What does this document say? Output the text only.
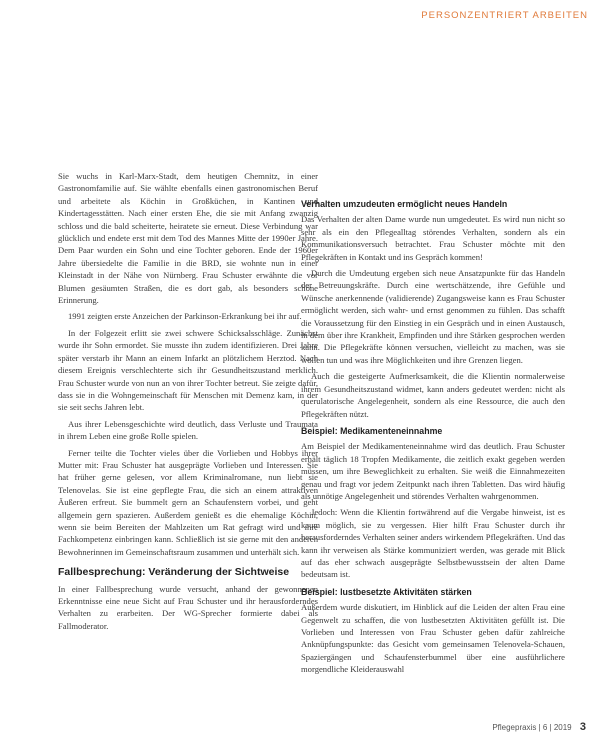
PERSONZENTRIERT ARBEITEN

Sie wuchs in Karl-Marx-Stadt, dem heutigen Chemnitz, in einer Gastronomfamilie auf. Sie wählte ebenfalls einen gastronomischen Beruf und arbeitete als Köchin in Großküchen, in Kantinen und Kindertagesstätten. Nach einer ersten Ehe, die sie mit Anfang zwanzig schloss und die bald scheiterte, heiratete sie erneut. Diese Verbindung war glücklich und endete erst mit dem Tod des Mannes Mitte der 1990er Jahre. Dem Paar wurden ein Sohn und eine Tochter geboren. Ende der 1960er Jahre übersiedelte die Familie in die BRD, sie wohnte nun in einer Kleinstadt in der Nähe von Nürnberg. Frau Schuster erwähnte die vor Blumen gesäumten Straßen, die es dort gab, als besonders schöne Erinnerung.

1991 zeigten erste Anzeichen der Parkinson-Erkrankung bei ihr auf.

In der Folgezeit erlitt sie zwei schwere Schicksalsschläge. Zunächst wurde ihr Sohn ermordet. Sie musste ihn zudem identifizieren. Drei Jahre später verstarb ihr Mann an einem Infarkt an plötzlichem Herztod. Nach diesem Ereignis verschlechterte sich ihr Gesundheitszustand merklich. Frau Schuster wurde von nun an von ihrer Tochter betreut. Sie zeigte dafür, dass sie in die Wohngemeinschaft für Menschen mit Demenz kam, in der sie seit sechs Jahren lebt.

Aus ihrer Lebensgeschichte wird deutlich, dass Verluste und Traumata in ihrem Leben eine große Rolle spielen.

Ferner teilte die Tochter vieles über die Vorlieben und Hobbys ihrer Mutter mit: Frau Schuster hat ausgeprägte Vorlieben und Interessen. Sie hat früher gerne gelesen, vor allem Kriminalromane, nun liebt sie Telenovelas. Sie ist eine gepflegte Frau, die sich an einem attraktiven Äußeren erfreut. Sie bummelt gern an Schaufenstern vorbei, und geht allgemein gern spazieren. Außerdem genießt es die ehemalige Köchin, wenn sie beim Bereiten der Mahlzeiten um Rat gefragt wird und ihre Fachkompetenz einbringen kann. Schließlich ist sie gerne mit den anderen Bewohnerinnen im Gemeinschaftsraum zusammen und unterhält sich.

Fallbesprechung: Veränderung der Sichtweise

In einer Fallbesprechung wurde versucht, anhand der gewonnenen Erkenntnisse eine neue Sicht auf Frau Schuster und ihr herausforderndes Verhalten zu erarbeiten. Der WG-Sprecher formierte dabei als Fallmoderator.

Verhalten umzudeuten ermöglicht neues Handeln

Das Verhalten der alten Dame wurde nun umgedeutet. Es wird nun nicht so sehr als ein den Pflegealltag störendes Verhalten, sondern als ein Kommunikationsversuch betrachtet. Frau Schuster möchte mit den Pflegekräften in Kontakt und ins Gespräch kommen!

Durch die Umdeutung ergeben sich neue Ansatzpunkte für das Handeln der Betreuungskräfte. Durch eine wertschätzende, ihre Gefühle und Wünsche anerkennende (validierende) Zugangsweise kann es Frau Schuster ermöglicht werden, sich wahr- und ernst genommen zu fühlen. Das schafft die Voraussetzung für den Einstieg in ein Gespräch und in einen Austausch, in dem über ihre Krankheit, Empfinden und ihre Stärken gesprochen werden kann. Die Pflegekräfte können versuchen, vielleicht zu machen, was sie wollen tun und was ihre Möglichkeiten und ihre Grenzen liegen.

Auch die gesteigerte Aufmerksamkeit, die die Klientin normalerweise ihrem Gesundheitszustand widmet, kann anders gedeutet werden: nicht als querulatorische Angelegenheit, sondern als eine Ressource, die auch den Pflegekräften nützt.

Beispiel: Medikamenteneinnahme

Am Beispiel der Medikamenteneinnahme wird das deutlich. Frau Schuster erhält täglich 18 Tropfen Medikamente, die zeitlich exakt gegeben werden müssen, um ihre Beweglichkeit zu erhalten. Sie weiß die Einnahmezeiten genau und fragt vor jedem Zeitpunkt nach ihren Tabletten. Das wird häufig als unnötige Angelegenheit und störendes Verhalten wahrgenommen.

Jedoch: Wenn die Klientin fortwährend auf die Vergabe hinweist, ist es kaum möglich, sie zu vergessen. Hier hilft Frau Schuster durch ihr herausforderndes Verhalten seiner anders wirkendem Pflegekräften. Und das kann ihr verweisen als Stärke kommuniziert werden, was gerade mit Blick auf das eher schwach ausgeprägte Selbstbewusstsein der alten Dame bedeutsam ist.

Beispiel: lustbesetzte Aktivitäten stärken

Außerdem wurde diskutiert, im Hinblick auf die Leiden der alten Frau eine Gegenwelt zu schaffen, die von lustbesetzten Aktivitäten gefüllt ist. Die Vorlieben und Interessen von Frau Schuster geben dafür zahlreiche Anknüpfungspunkte: das Gesicht vom gemeinsamen Telenovela-Schauen, Spaziergängen und Schaufensterbummel über eine ausführlichere morgendliche Kleiderauswahl

Pflegepraxis | 6 | 2019 3
